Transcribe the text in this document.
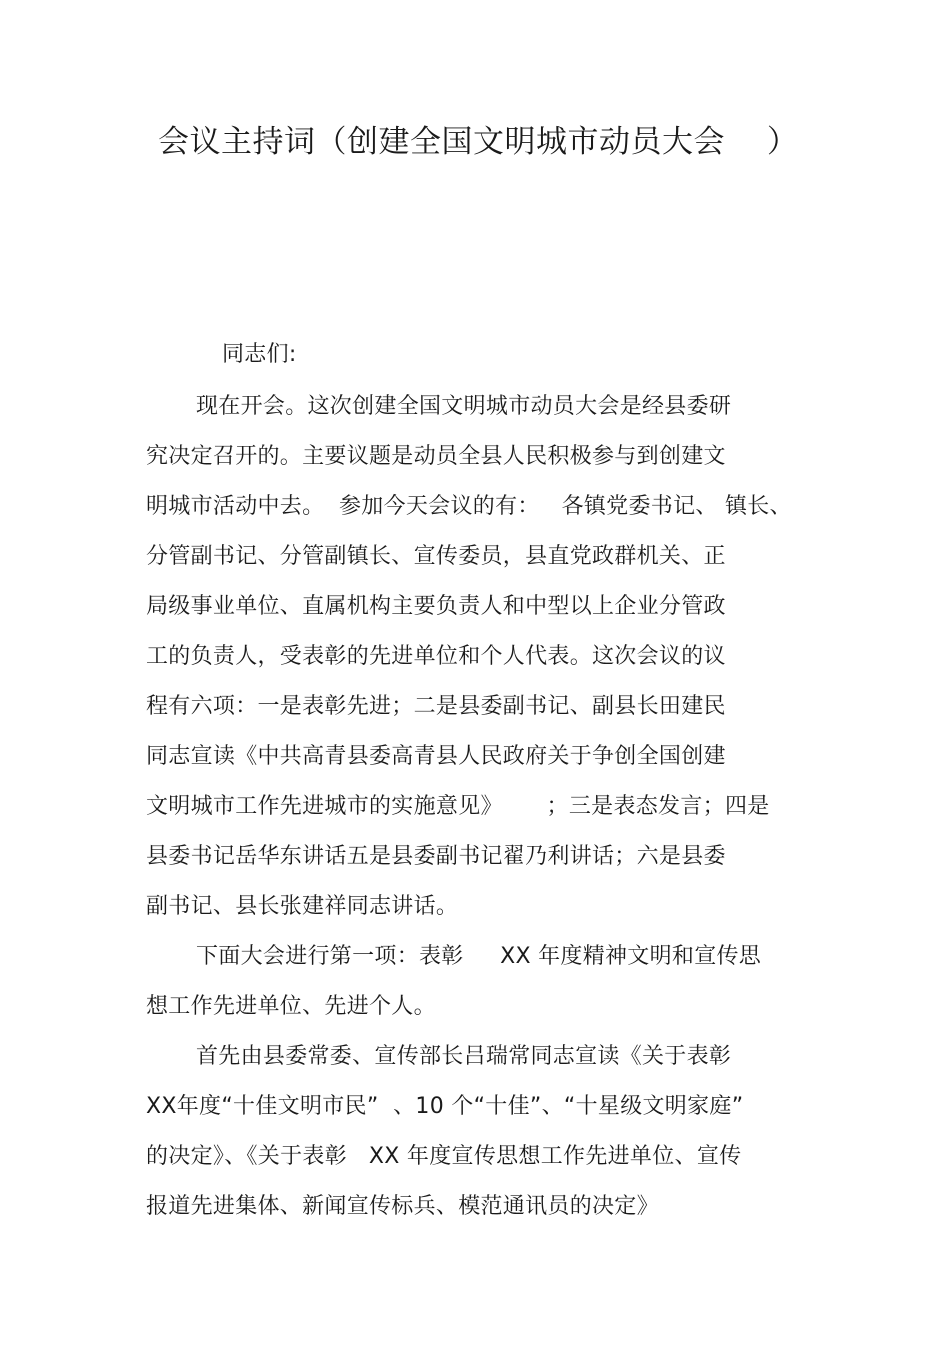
会议主持词（创建全国文明城市动员大会　 ）
同志们:
现在开会。这次创建全国文明城市动员大会是经县委研
究决定召开的。主要议题是动员全县人民积极参与到创建文
明城市活动中去。  参加今天会议的有：   各镇党委书记、 镇长、
分管副书记、分管副镇长、宣传委员，县直党政群机关、正
局级事业单位、直属机构主要负责人和中型以上企业分管政
工的负责人，受表彰的先进单位和个人代表。这次会议的议
程有六项：一是表彰先进；二是县委副书记、副县长田建民
同志宣读《中共高青县委高青县人民政府关于争创全国创建
文明城市工作先进城市的实施意见》      ；三是表态发言；四是
县委书记岳华东讲话五是县委副书记翟乃利讲话；六是县委
副书记、县长张建祥同志讲话。
下面大会进行第一项：表彰     XX 年度精神文明和宣传思
想工作先进单位、先进个人。
首先由县委常委、宣传部长吕瑞常同志宣读《关于表彰
XX年度“十佳文明市民”  、10 个“十佳”、“十星级文明家庭”
的决定》、《关于表彰   XX 年度宣传思想工作先进单位、宣传
报道先进集体、新闻宣传标兵、模范通讯员的决定》
